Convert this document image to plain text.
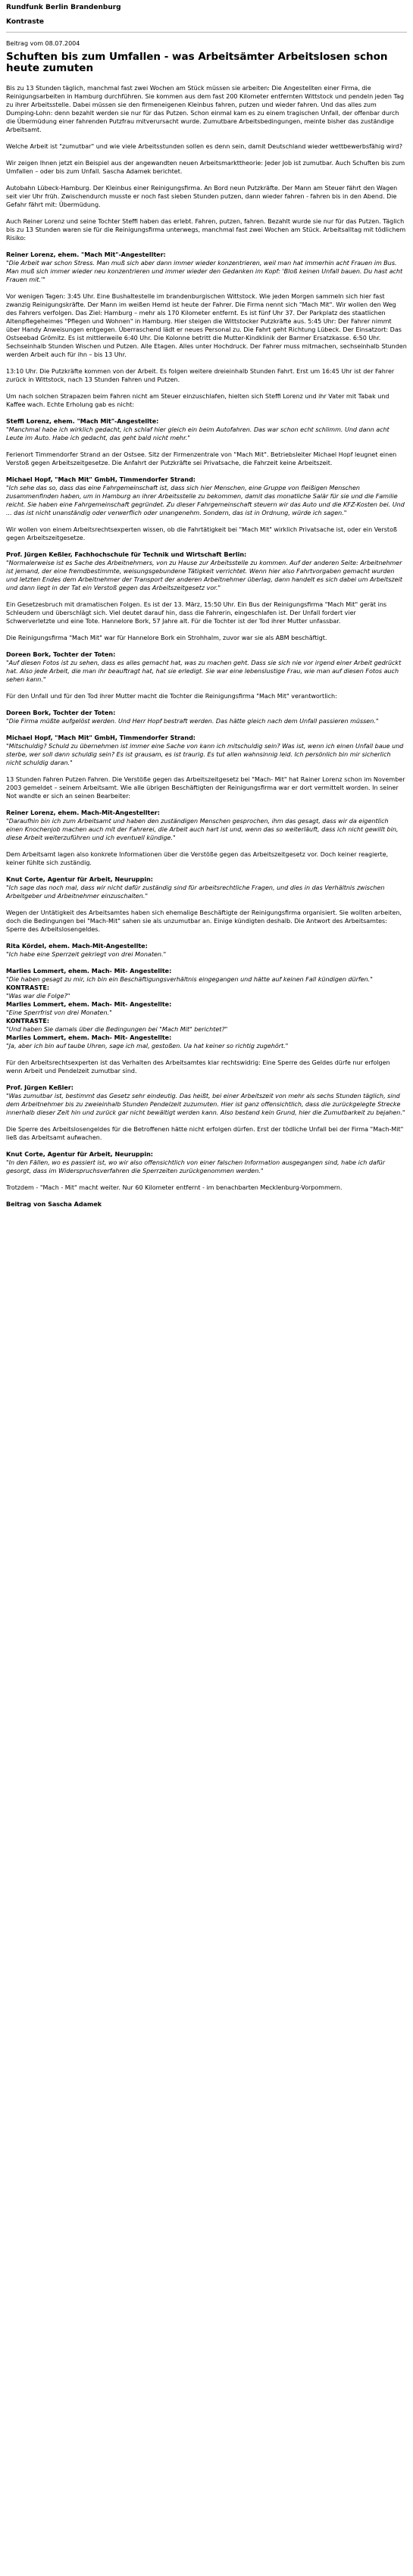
Rundfunk Berlin Brandenburg
Kontraste
Beitrag vom 08.07.2004
Schuften bis zum Umfallen - was Arbeitsämter Arbeitslosen schon heute zumuten

Bis zu 13 Stunden täglich, manchmal fast zwei Wochen am Stück müssen sie arbeiten: Die Angestellten einer Firma, die Reinigungsarbeiten in Hamburg durchführen. Sie kommen aus dem fast 200 Kilometer entfernten Wittstock und pendeln jeden Tag zu ihrer Arbeitsstelle. Dabei müssen sie den firmeneigenen Kleinbus fahren, putzen und wieder fahren. Und das alles zum Dumping-Lohn: denn bezahlt werden sie nur für das Putzen. Schon einmal kam es zu einem tragischen Unfall, der offenbar durch die Übermüdung einer fahrenden Putzfrau mitverursacht wurde. Zumutbare Arbeitsbedingungen, meinte bisher das zuständige Arbeitsamt.

Welche Arbeit ist "zumutbar" und wie viele Arbeitsstunden sollen es denn sein, damit Deutschland wieder wettbewerbsfähig wird?

Wir zeigen Ihnen jetzt ein Beispiel aus der angewandten neuen Arbeitsmarkttheorie: Jeder Job ist zumutbar. Auch Schuften bis zum Umfallen – oder bis zum Unfall. Sascha Adamek berichtet.

Autobahn Lübeck-Hamburg. Der Kleinbus einer Reinigungsfirma. An Bord neun Putzkräfte. Der Mann am Steuer fährt den Wagen seit vier Uhr früh. Zwischendurch musste er noch fast sieben Stunden putzen, dann wieder fahren - fahren bis in den Abend. Die Gefahr fährt mit: Übermüdung.

Auch Reiner Lorenz und seine Tochter Steffi haben das erlebt. Fahren, putzen, fahren. Bezahlt wurde sie nur für das Putzen. Täglich bis zu 13 Stunden waren sie für die Reinigungsfirma unterwegs, manchmal fast zwei Wochen am Stück. Arbeitsalltag mit tödlichem Risiko:

Reiner Lorenz, ehem. "Mach Mit"-Angestellter:

"Die Arbeit war schon Stress. Man muß sich aber dann immer wieder konzentrieren, weil man hat immerhin acht Frauen im Bus. Man muß sich immer wieder neu konzentrieren und immer wieder den Gedanken im Kopf: 'Bloß keinen Unfall bauen. Du hast acht Frauen mit.'"

Vor wenigen Tagen: 3:45 Uhr. Eine Bushaltestelle im brandenburgischen Wittstock. Wie jeden Morgen sammeln sich hier fast zwanzig Reinigungskräfte. Der Mann im weißen Hemd ist heute der Fahrer. Die Firma nennt sich "Mach Mit". Wir wollen den Weg des Fahrers verfolgen. Das Ziel: Hamburg – mehr als 170 Kilometer entfernt. Es ist fünf Uhr 37. Der Parkplatz des staatlichen Altenpflegeheimes "Pflegen und Wohnen" in Hamburg. Hier steigen die Wittstocker Putzkräfte aus. 5:45 Uhr: Der Fahrer nimmt über Handy Anweisungen entgegen. Überraschend lädt er neues Personal zu. Die Fahrt geht Richtung Lübeck. Der Einsatzort: Das Ostseebad Grömitz. Es ist mittlerweile 6:40 Uhr. Die Kolonne betritt die Mutter-Kindklinik der Barmer Ersatzkasse. 6:50 Uhr. Sechseinhalb Stunden Wischen und Putzen. Alle Etagen. Alles unter Hochdruck. Der Fahrer muss mitmachen, sechseinhalb Stunden werden Arbeit auch für ihn – bis 13 Uhr.

13:10 Uhr. Die Putzkräfte kommen von der Arbeit. Es folgen weitere dreieinhalb Stunden Fahrt. Erst um 16:45 Uhr ist der Fahrer zurück in Wittstock, nach 13 Stunden Fahren und Putzen.

Um nach solchen Strapazen beim Fahren nicht am Steuer einzuschlafen, hielten sich Steffi Lorenz und ihr Vater mit Tabak und Kaffee wach. Echte Erholung gab es nicht:

Steffi Lorenz, ehem. "Mach Mit"-Angestellte:

"Manchmal habe ich wirklich gedacht, ich schlaf hier gleich ein beim Autofahren. Das war schon echt schlimm. Und dann acht Leute im Auto. Habe ich gedacht, das geht bald nicht mehr."

Ferienort Timmendorfer Strand an der Ostsee. Sitz der Firmenzentrale von "Mach Mit". Betriebsleiter Michael Hopf leugnet einen Verstoß gegen Arbeitszeitgesetze. Die Anfahrt der Putzkräfte sei Privatsache, die Fahrzeit keine Arbeitszeit.

Michael Hopf, "Mach Mit" GmbH, Timmendorfer Strand:

"Ich sehe das so, dass das eine Fahrgemeinschaft ist, dass sich hier Menschen, eine Gruppe von fleißigen Menschen zusammenfinden haben, um in Hamburg an ihrer Arbeitsstelle zu bekommen, damit das monatliche Salär für sie und die Familie reicht. Sie haben eine Fahrgemeinschaft gegründet. Zu dieser Fahrgemeinschaft steuern wir das Auto und die KFZ-Kosten bei. Und ... das ist nicht unanständig oder verwerflich oder unangenehm. Sondern, das ist in Ordnung, würde ich sagen."

Wir wollen von einem Arbeitsrechtsexperten wissen, ob die Fahrtätigkeit bei "Mach Mit" wirklich Privatsache ist, oder ein Verstoß gegen Arbeitszeitgesetze.

Prof. Jürgen Keßler, Fachhochschule für Technik und Wirtschaft Berlin:

"Normalerweise ist es Sache des Arbeitnehmers, von zu Hause zur Arbeitsstelle zu kommen. Auf der anderen Seite: Arbeitnehmer ist jemand, der eine fremdbestimmte, weisungsgebundene Tätigkeit verrichtet. Wenn hier also Fahrtvorgaben gemacht wurden und letzten Endes dem Arbeitnehmer der Transport der anderen Arbeitnehmer überlag, dann handelt es sich dabei um Arbeitszeit und dann liegt in der Tat ein Verstoß gegen das Arbeitszeitgesetz vor."

Ein Gesetzesbruch mit dramatischen Folgen. Es ist der 13. März, 15:50 Uhr. Ein Bus der Reinigungsfirma "Mach Mit" gerät ins Schleudern und überschlägt sich. Viel deutet darauf hin, dass die Fahrerin, eingeschlafen ist. Der Unfall fordert vier Schwerverletzte und eine Tote. Hannelore Bork, 57 Jahre alt. Für die Tochter ist der Tod ihrer Mutter unfassbar.

Die Reinigungsfirma "Mach Mit" war für Hannelore Bork ein Strohhalm, zuvor war sie als ABM beschäftigt.

Doreen Bork, Tochter der Toten:

"Auf diesen Fotos ist zu sehen, dass es alles gemacht hat, was zu machen geht. Dass sie sich nie vor irgend einer Arbeit gedrückt hat. Also jede Arbeit, die man ihr beauftragt hat, hat sie erledigt. Sie war eine lebenslustige Frau, wie man auf diesen Fotos auch sehen kann."

Für den Unfall und für den Tod ihrer Mutter macht die Tochter die Reinigungsfirma "Mach Mit" verantwortlich:

Doreen Bork, Tochter der Toten:

"Die Firma müßte aufgelöst werden. Und Herr Hopf bestraft werden. Das hätte gleich nach dem Unfall passieren müssen."

Michael Hopf, "Mach Mit" GmbH, Timmendorfer Strand:

"Mitschuldig? Schuld zu übernehmen ist immer eine Sache von kann ich mitschuldig sein? Was ist, wenn ich einen Unfall baue und sterbe, wer soll dann schuldig sein? Es ist grausam, es ist traurig. Es tut allen wahnsinnig leid. Ich persönlich bin mir sicherlich nicht schuldig daran."

13 Stunden Fahren Putzen Fahren. Die Verstöße gegen das Arbeitszeitgesetz bei "Mach- Mit" hat Rainer Lorenz schon im November 2003 gemeldet – seinem Arbeitsamt. Wie alle übrigen Beschäftigten der Reinigungsfirma war er dort vermittelt worden. In seiner Not wandte er sich an seinen Bearbeiter:

Reiner Lorenz, ehem. Mach-Mit-Angestellter:

"Daraufhin bin ich zum Arbeitsamt und haben den zuständigen Menschen gesprochen, ihm das gesagt, dass wir da eigentlich einen Knochenjob machen auch mit der Fahrerei, die Arbeit auch hart ist und, wenn das so weiterläuft, dass ich nicht gewillt bin, diese Arbeit weiterzuführen und ich eventuell kündige."

Dem Arbeitsamt lagen also konkrete Informationen über die Verstöße gegen das Arbeitszeitgesetz vor. Doch keiner reagierte, keiner fühlte sich zuständig.

Knut Corte, Agentur für Arbeit, Neuruppin:

"Ich sage das noch mal, dass wir nicht dafür zuständig sind für arbeitsrechtliche Fragen, und dies in das Verhältnis zwischen Arbeitgeber und Arbeitnehmer einzuschalten."

Wegen der Untätigkeit des Arbeitsamtes haben sich ehemalige Beschäftigte der Reinigungsfirma organisiert. Sie wollten arbeiten, doch die Bedingungen bei "Mach-Mit" sahen sie als unzumutbar an. Einige kündigten deshalb. Die Antwort des Arbeitsamtes: Sperre des Arbeitslosengeldes.

Rita Kördel, ehem. Mach-Mit-Angestellte:

"Ich habe eine Sperrzeit gekriegt von drei Monaten."

Marlies Lommert, ehem. Mach- Mit- Angestellte:

"Die haben gesagt zu mir, ich bin ein Beschäftigungsverhältnis eingegangen und hätte auf keinen Fall kündigen dürfen."

KONTRASTE:

"Was war die Folge?"

Marlies Lommert, ehem. Mach- Mit- Angestellte:

"Eine Sperrfrist von drei Monaten."

KONTRASTE:

"Und haben Sie damals über die Bedingungen bei "Mach Mit" berichtet?"

Marlies Lommert, ehem. Mach- Mit- Angestellte:

"Ja, aber ich bin auf taube Uhren, sage ich mal, gestoßen. Ua hat keiner so richtig zugehört."

Für den Arbeitsrechtsexperten ist das Verhalten des Arbeitsamtes klar rechtswidrig: Eine Sperre des Geldes dürfe nur erfolgen wenn Arbeit und Pendelzeit zumutbar sind.

Prof. Jürgen Keßler:

"Was zumutbar ist, bestimmt das Gesetz sehr eindeutig. Das heißt, bei einer Arbeitszeit von mehr als sechs Stunden täglich, sind dem Arbeitnehmer bis zu zweieinhalb Stunden Pendelzeit zuzumuten. Hier ist ganz offensichtlich, dass die zurückgelegte Strecke innerhalb dieser Zeit hin und zurück gar nicht bewältigt werden kann. Also bestand kein Grund, hier die Zumutbarkeit zu bejahen."

Die Sperre des Arbeitslosengeldes für die Betroffenen hätte nicht erfolgen dürfen. Erst der tödliche Unfall bei der Firma "Mach-Mit" ließ das Arbeitsamt aufwachen.

Knut Corte, Agentur für Arbeit, Neuruppin:

"In den Fällen, wo es passiert ist, wo wir also offensichtlich von einer falschen Information ausgegangen sind, habe ich dafür gesorgt, dass im Widerspruchsverfahren die Sperrzeiten zurückgenommen werden."

Trotzdem - "Mach - Mit" macht weiter. Nur 60 Kilometer entfernt - im benachbarten Mecklenburg-Vorpommern.

Beitrag von Sascha Adamek
